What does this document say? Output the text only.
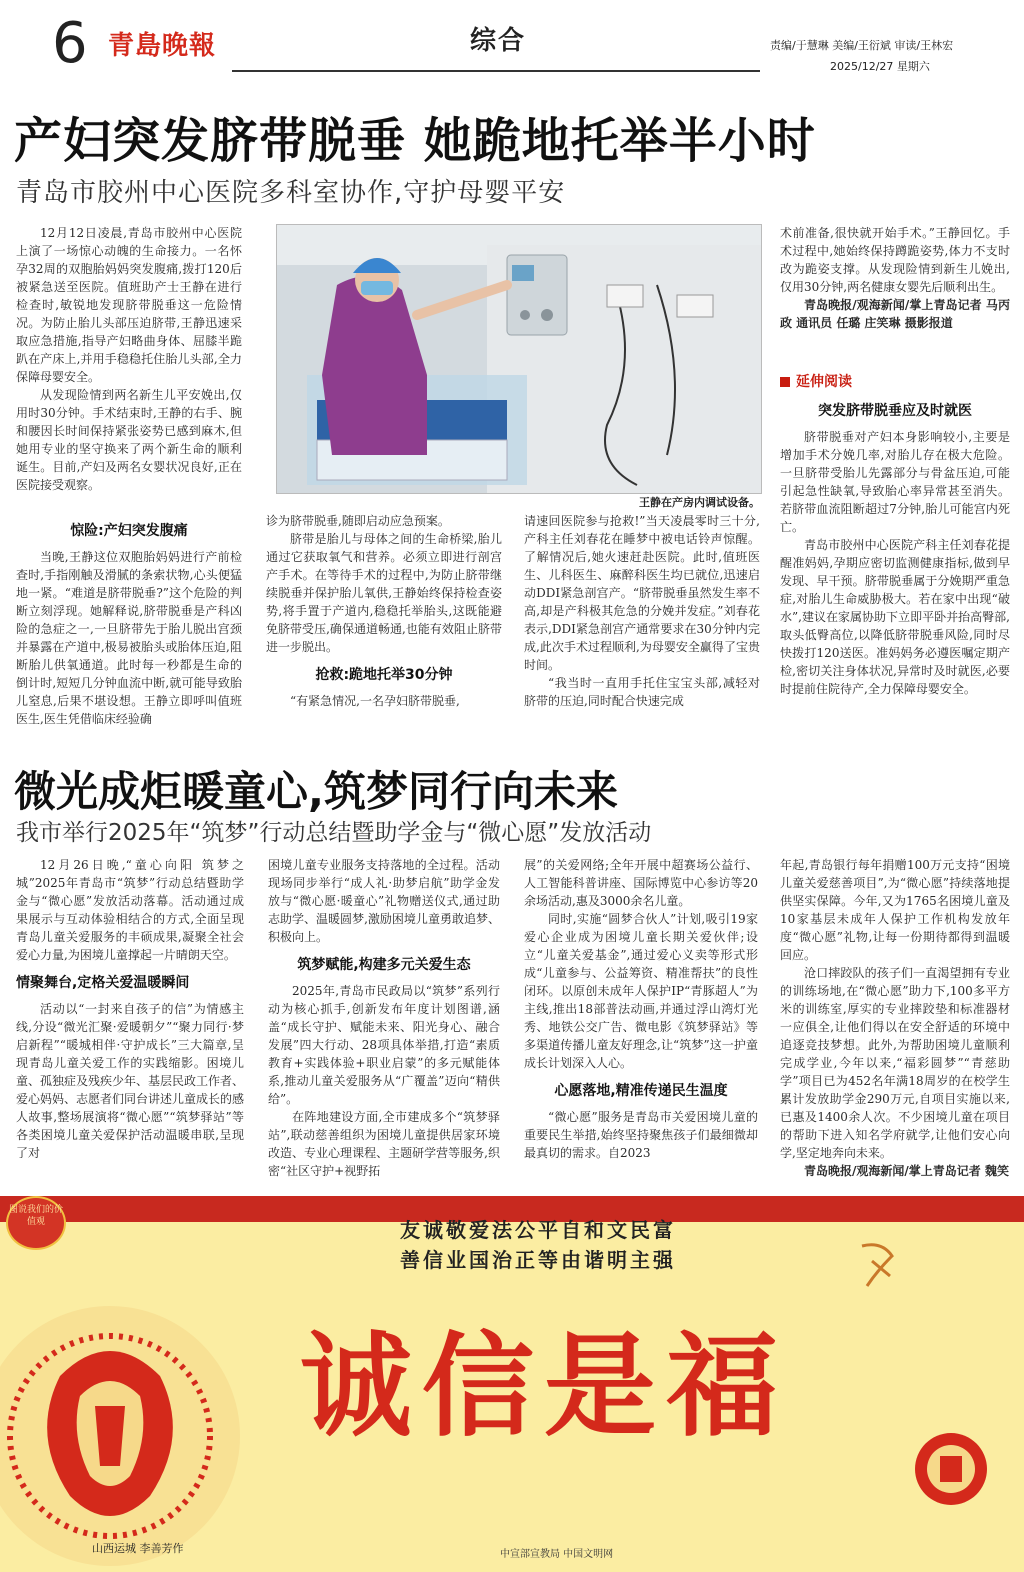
6 青島晚報	综合	责编/于慧琳 美编/王衍斌 审读/王林宏
2025/12/27 星期六
产妇突发脐带脱垂 她跪地托举半小时
青岛市胶州中心医院多科室协作,守护母婴平安

12月12日凌晨,青岛市胶州中心医院上演了一场惊心动魄的生命接力。一名怀孕32周的双胞胎妈妈突发腹痛,拨打120后被紧急送至医院。值班助产士王静在进行检查时,敏锐地发现脐带脱垂这一危险情况。为防止胎儿头部压迫脐带,王静迅速采取应急措施,指导产妇略曲身体、屈膝半跪趴在产床上,并用手稳稳托住胎儿头部,全力保障母婴安全。

从发现险情到两名新生儿平安娩出,仅用时30分钟。手术结束时,王静的右手、腕和腰因长时间保持紧张姿势已感到麻木,但她用专业的坚守换来了两个新生命的顺利诞生。目前,产妇及两名女婴状况良好,正在医院接受观察。

惊险:产妇突发腹痛

当晚,王静这位双胞胎妈妈进行产前检查时,手指刚触及滑腻的条索状物,心头便猛地一紧。“难道是脐带脱垂?”这个危险的判断立刻浮现。她解释说,脐带脱垂是产科凶险的急症之一,一旦脐带先于胎儿脱出宫颈并暴露在产道中,极易被胎头或胎体压迫,阻断胎儿供氧通道。此时每一秒都是生命的倒计时,短短几分钟血流中断,就可能导致胎儿窒息,后果不堪设想。王静立即呼叫值班医生,医生凭借临床经验确

王静在产房内调试设备。

诊为脐带脱垂,随即启动应急预案。

脐带是胎儿与母体之间的生命桥梁,胎儿通过它获取氧气和营养。必须立即进行剖宫产手术。在等待手术的过程中,为防止脐带继续脱垂并保护胎儿氧供,王静始终保持检查姿势,将手置于产道内,稳稳托举胎头,这既能避免脐带受压,确保通道畅通,也能有效阻止脐带进一步脱出。

抢救:跪地托举30分钟

“有紧急情况,一名孕妇脐带脱垂,

请速回医院参与抢救!”当天凌晨零时三十分,产科主任刘春花在睡梦中被电话铃声惊醒。了解情况后,她火速赶赴医院。此时,值班医生、儿科医生、麻醉科医生均已就位,迅速启动DDI紧急剖宫产。“脐带脱垂虽然发生率不高,却是产科极其危急的分娩并发症。”刘春花表示,DDI紧急剖宫产通常要求在30分钟内完成,此次手术过程顺利,为母婴安全赢得了宝贵时间。

“我当时一直用手托住宝宝头部,减轻对脐带的压迫,同时配合快速完成

术前准备,很快就开始手术。”王静回忆。手术过程中,她始终保持蹲跪姿势,体力不支时改为跪姿支撑。从发现险情到新生儿娩出,仅用30分钟,两名健康女婴先后顺利出生。

青岛晚报/观海新闻/掌上青岛记者 马丙政 通讯员 任璐 庄笑琳 摄影报道

延伸阅读
突发脐带脱垂应及时就医

脐带脱垂对产妇本身影响较小,主要是增加手术分娩几率,对胎儿存在极大危险。一旦脐带受胎儿先露部分与骨盆压迫,可能引起急性缺氧,导致胎心率异常甚至消失。若脐带血流阻断超过7分钟,胎儿可能宫内死亡。

青岛市胶州中心医院产科主任刘春花提醒准妈妈,孕期应密切监测健康指标,做到早发现、早干预。脐带脱垂属于分娩期严重急症,对胎儿生命威胁极大。若在家中出现“破水”,建议在家属协助下立即平卧并抬高臀部,取头低臀高位,以降低脐带脱垂风险,同时尽快拨打120送医。准妈妈务必遵医嘱定期产检,密切关注身体状况,异常时及时就医,必要时提前住院待产,全力保障母婴安全。

微光成炬暖童心,筑梦同行向未来
我市举行2025年“筑梦”行动总结暨助学金与“微心愿”发放活动

12月26日晚,“童心向阳 筑梦之城”2025年青岛市“筑梦”行动总结暨助学金与“微心愿”发放活动落幕。活动通过成果展示与互动体验相结合的方式,全面呈现青岛儿童关爱服务的丰硕成果,凝聚全社会爱心力量,为困境儿童撑起一片晴朗天空。

情聚舞台,定格关爱温暖瞬间

活动以“一封来自孩子的信”为情感主线,分设“微光汇聚·爱暖朝夕”“聚力同行·梦启新程”“暖城相伴·守护成长”三大篇章,呈现青岛儿童关爱工作的实践缩影。困境儿童、孤独症及残疾少年、基层民政工作者、爱心妈妈、志愿者们同台讲述儿童成长的感人故事,整场展演将“微心愿”“筑梦驿站”等各类困境儿童关爱保护活动温暖串联,呈现了对

困境儿童专业服务支持落地的全过程。活动现场同步举行“成人礼·助梦启航”助学金发放与“微心愿·暖童心”礼物赠送仪式,通过助志助学、温暖圆梦,激励困境儿童勇敢追梦、积极向上。

筑梦赋能,构建多元关爱生态

2025年,青岛市民政局以“筑梦”系列行动为核心抓手,创新发布年度计划图谱,涵盖“成长守护、赋能未来、阳光身心、融合发展”四大行动、28项具体举措,打造“素质教育+实践体验+职业启蒙”的多元赋能体系,推动儿童关爱服务从“广覆盖”迈向“精供给”。

在阵地建设方面,全市建成多个“筑梦驿站”,联动慈善组织为困境儿童提供居家环境改造、专业心理课程、主题研学营等服务,织密“社区守护+视野拓

展”的关爱网络;全年开展中超赛场公益行、人工智能科普讲座、国际博览中心参访等20余场活动,惠及3000余名儿童。

同时,实施“圆梦合伙人”计划,吸引19家爱心企业成为困境儿童长期关爱伙伴;设立“儿童关爱基金”,通过爱心义卖等形式形成“儿童参与、公益筹资、精准帮扶”的良性闭环。以原创未成年人保护IP“青豚超人”为主线,推出18部普法动画,并通过浮山湾灯光秀、地铁公交广告、微电影《筑梦驿站》等多渠道传播儿童友好理念,让“筑梦”这一护童成长计划深入人心。

心愿落地,精准传递民生温度

“微心愿”服务是青岛市关爱困境儿童的重要民生举措,始终坚持聚焦孩子们最细微却最真切的需求。自2023

年起,青岛银行每年捐赠100万元支持“困境儿童关爱慈善项目”,为“微心愿”持续落地提供坚实保障。今年,又为1765名困境儿童及10家基层未成年人保护工作机构发放年度“微心愿”礼物,让每一份期待都得到温暖回应。

沧口摔跤队的孩子们一直渴望拥有专业的训练场地,在“微心愿”助力下,100多平方米的训练室,厚实的专业摔跤垫和标准器材一应俱全,让他们得以在安全舒适的环境中追逐竞技梦想。此外,为帮助困境儿童顺利完成学业,今年以来,“福彩圆梦”“青慈助学”项目已为452名年满18周岁的在校学生累计发放助学金290万元,自项目实施以来,已惠及1400余人次。不少困境儿童在项目的帮助下进入知名学府就学,让他们安心向学,坚定地奔向未来。

青岛晚报/观海新闻/掌上青岛记者 魏笑

图说我们的价值观	友诚敬爱法公平自和文民富
善信业国治正等由谐明主强
诚信是福
山西运城 李善芳作	中宣部宣教局 中国文明网
